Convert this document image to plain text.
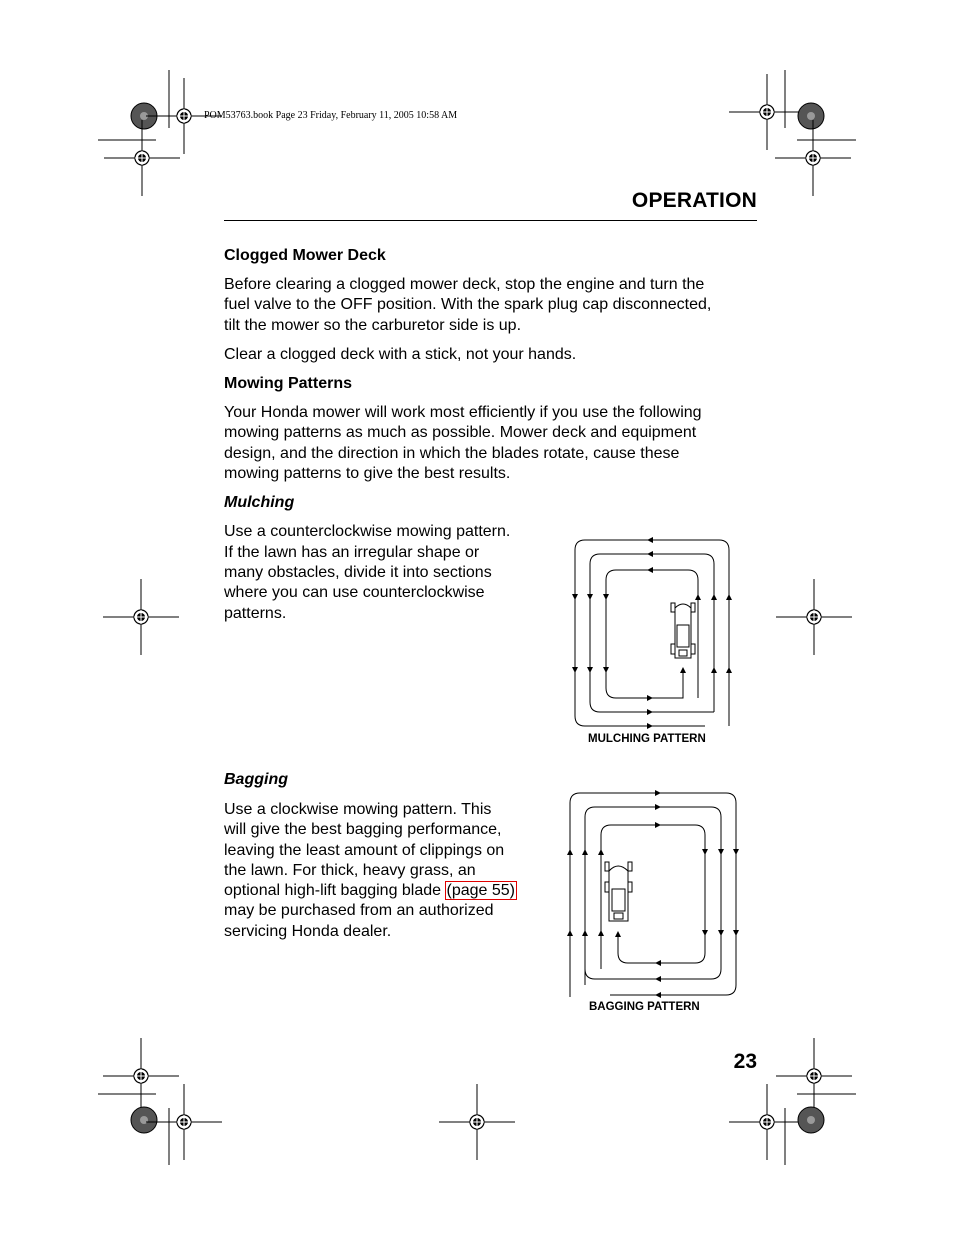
POM53763.book Page 23 Friday, February 11, 2005 10:58 AM
OPERATION
Clogged Mower Deck
Before clearing a clogged mower deck, stop the engine and turn the
fuel valve to the OFF position. With the spark plug cap disconnected,
tilt the mower so the carburetor side is up.
Clear a clogged deck with a stick, not your hands.
Mowing Patterns
Your Honda mower will work most efficiently if you use the following
mowing patterns as much as possible. Mower deck and equipment
design, and the direction in which the blades rotate, cause these
mowing patterns to give the best results.
Mulching
Use a counterclockwise mowing pattern.
If the lawn has an irregular shape or
many obstacles, divide it into sections
where you can use counterclockwise
patterns.
Bagging
Use a clockwise mowing pattern. This
will give the best bagging performance,
leaving the least amount of clippings on
the lawn. For thick, heavy grass, an
optional high-lift bagging blade (page 55)
may be purchased from an authorized
servicing Honda dealer.
MULCHING PATTERN
BAGGING PATTERN
23
